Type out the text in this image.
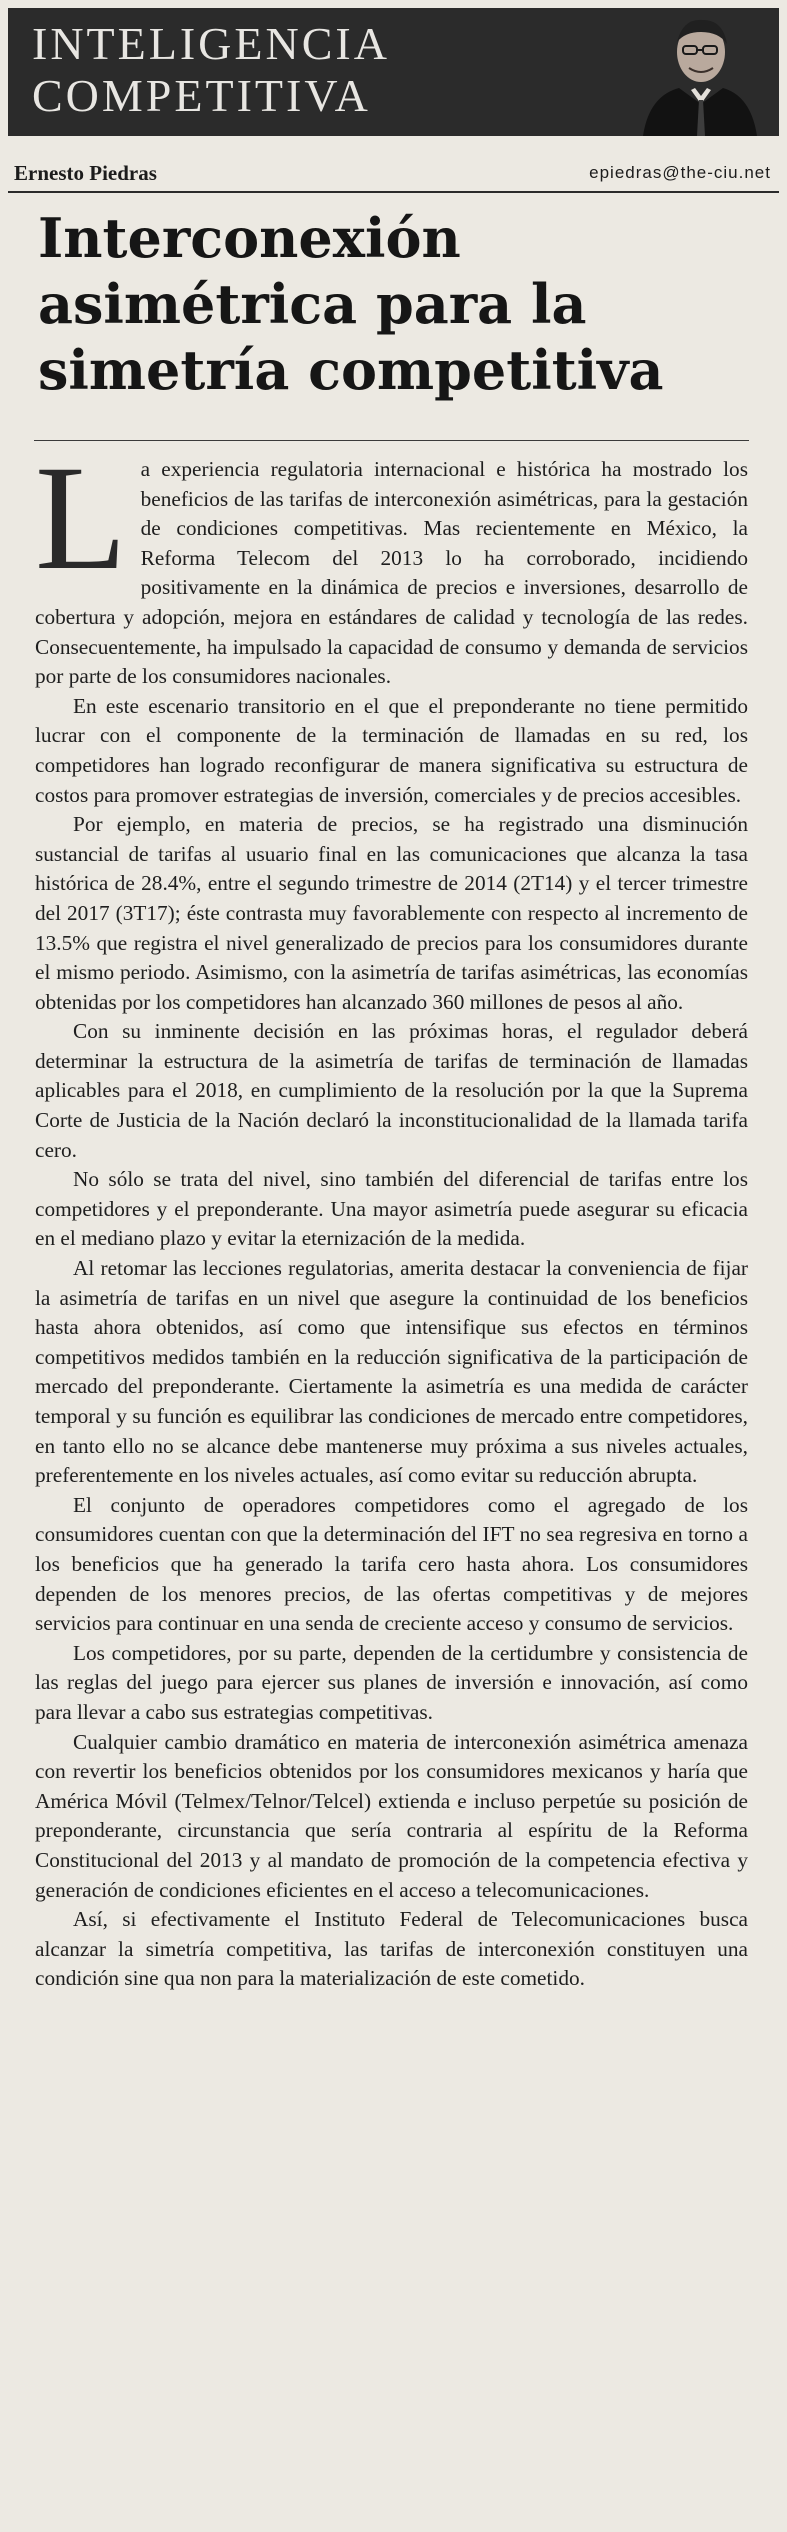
INTELIGENCIA
COMPETITIVA
Ernesto Piedras	epiedras@the-ciu.net
Interconexión asimétrica para la simetría competitiva

L a experiencia regulatoria internacional e histórica ha mostrado los beneficios de las tarifas de interconexión asimétricas, para la gestación de condiciones competitivas. Mas recientemente en México, la Reforma Telecom del 2013 lo ha corroborado, incidiendo positivamente en la dinámica de precios e inversiones, desarrollo de cobertura y adopción, mejora en estándares de calidad y tecnología de las redes. Consecuentemente, ha impulsado la capacidad de consumo y demanda de servicios por parte de los consumidores nacionales.

En este escenario transitorio en el que el preponderante no tiene permitido lucrar con el componente de la terminación de llamadas en su red, los competidores han logrado reconfigurar de manera significativa su estructura de costos para promover estrategias de inversión, comerciales y de precios accesibles.

Por ejemplo, en materia de precios, se ha registrado una disminución sustancial de tarifas al usuario final en las comunicaciones que alcanza la tasa histórica de 28.4%, entre el segundo trimestre de 2014 (2T14) y el tercer trimestre del 2017 (3T17); éste contrasta muy favorablemente con respecto al incremento de 13.5% que registra el nivel generalizado de precios para los consumidores durante el mismo periodo. Asimismo, con la asimetría de tarifas asimétricas, las economías obtenidas por los competidores han alcanzado 360 millones de pesos al año.

Con su inminente decisión en las próximas horas, el regulador deberá determinar la estructura de la asimetría de tarifas de terminación de llamadas aplicables para el 2018, en cumplimiento de la resolución por la que la Suprema Corte de Justicia de la Nación declaró la inconstitucionalidad de la llamada tarifa cero.

No sólo se trata del nivel, sino también del diferencial de tarifas entre los competidores y el preponderante. Una mayor asimetría puede asegurar su eficacia en el mediano plazo y evitar la eternización de la medida.

Al retomar las lecciones regulatorias, amerita destacar la conveniencia de fijar la asimetría de tarifas en un nivel que asegure la continuidad de los beneficios hasta ahora obtenidos, así como que intensifique sus efectos en términos competitivos medidos también en la reducción significativa de la participación de mercado del preponderante. Ciertamente la asimetría es una medida de carácter temporal y su función es equilibrar las condiciones de mercado entre competidores, en tanto ello no se alcance debe mantenerse muy próxima a sus niveles actuales, preferentemente en los niveles actuales, así como evitar su reducción abrupta.

El conjunto de operadores competidores como el agregado de los consumidores cuentan con que la determinación del IFT no sea regresiva en torno a los beneficios que ha generado la tarifa cero hasta ahora. Los consumidores dependen de los menores precios, de las ofertas competitivas y de mejores servicios para continuar en una senda de creciente acceso y consumo de servicios.

Los competidores, por su parte, dependen de la certidumbre y consistencia de las reglas del juego para ejercer sus planes de inversión e innovación, así como para llevar a cabo sus estrategias competitivas.

Cualquier cambio dramático en materia de interconexión asimétrica amenaza con revertir los beneficios obtenidos por los consumidores mexicanos y haría que América Móvil (Telmex/Telnor/Telcel) extienda e incluso perpetúe su posición de preponderante, circunstancia que sería contraria al espíritu de la Reforma Constitucional del 2013 y al mandato de promoción de la competencia efectiva y generación de condiciones eficientes en el acceso a telecomunicaciones.

Así, si efectivamente el Instituto Federal de Telecomunicaciones busca alcanzar la simetría competitiva, las tarifas de interconexión constituyen una condición sine qua non para la materialización de este cometido.
